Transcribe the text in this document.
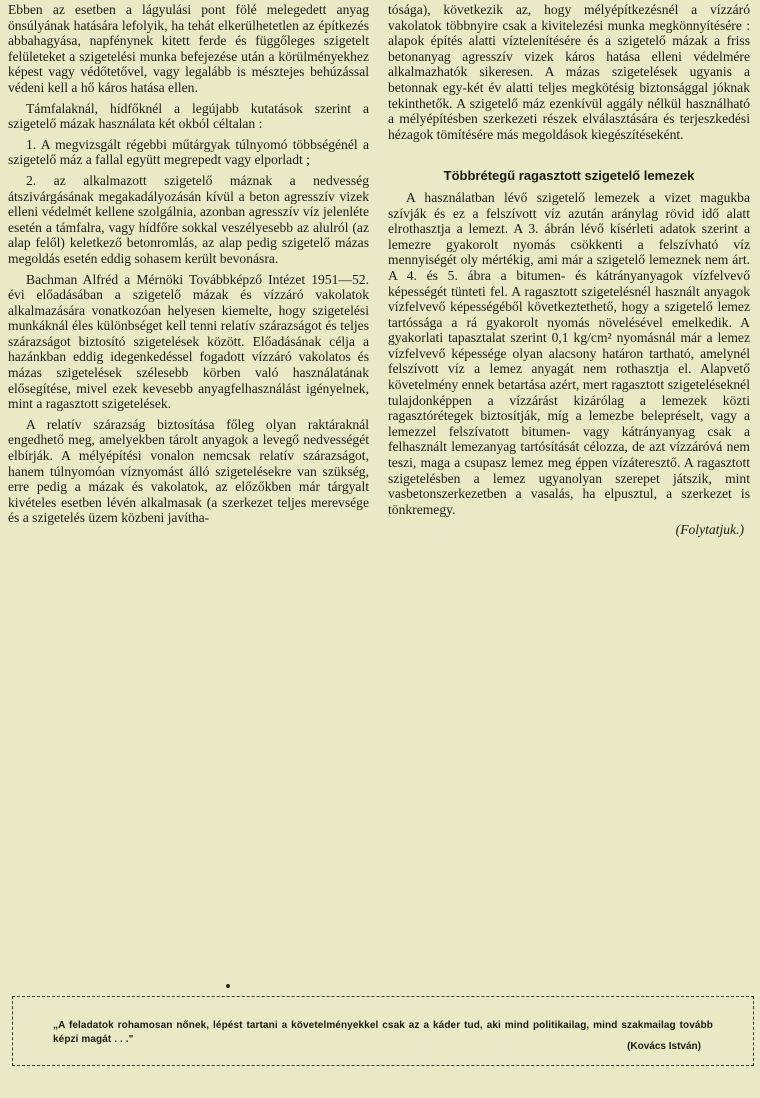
Ebben az esetben a lágyulási pont fölé melegedett anyag önsúlyának hatására lefolyik, ha tehát elkerülhetetlen az építkezés abbahagyása, napfénynek kitett ferde és függőleges szigetelt felületeket a szigetelési munka befejezése után a körülményekhez képest vagy védőtetővel, vagy legalább is mésztejes behúzással védeni kell a hő káros hatása ellen.

Támfalaknál, hídfőknél a legújabb kutatások szerint a szigetelő mázak használata két okból céltalan :

1. A megvizsgált régebbi műtárgyak túlnyomó többségénél a szigetelő máz a fallal együtt megrepedt vagy elporladt ;

2. az alkalmazott szigetelő máznak a nedvesség átszivárgásának megakadályozásán kívül a beton agresszív vizek elleni védelmét kellene szolgálnia, azonban agresszív víz jelenléte esetén a támfalra, vagy hídfőre sokkal veszélyesebb az alulról (az alap felől) keletkező betonromlás, az alap pedig szigetelő mázas megoldás esetén eddig sohasem került bevonásra.

Bachman Alfréd a Mérnöki Továbbképző Intézet 1951—52. évi előadásában a szigetelő mázak és vízzáró vakolatok alkalmazására vonatkozóan helyesen kiemelte, hogy szigetelési munkáknál éles különbséget kell tenni relatív szárazságot és teljes szárazságot biztosító szigetelések között. Előadásának célja a hazánkban eddig idegenkedéssel fogadott vízzáró vakolatos és mázas szigetelések szélesebb körben való használatának elősegítése, mivel ezek kevesebb anyagfelhasználást igényelnek, mint a ragasztott szigetelések.

A relatív szárazság biztosítása főleg olyan raktáraknál engedhető meg, amelyekben tárolt anyagok a levegő nedvességét elbírják. A mélyépítési vonalon nemcsak relatív szárazságot, hanem túlnyomóan víznyomást álló szigetelésekre van szükség, erre pedig a mázak és vakolatok, az előzőkben már tárgyalt kivételes esetben lévén alkalmasak (a szerkezet teljes merevsége és a szigetelés üzem közbeni javítha-

tósága), következik az, hogy mélyépítkezésnél a vízzáró vakolatok többnyire csak a kivitelezési munka megkönnyítésére : alapok építés alatti víztelenítésére és a szigetelő mázak a friss betonanyag agresszív vizek káros hatása elleni védelmére alkalmazhatók sikeresen. A mázas szigetelések ugyanis a betonnak egy-két év alatti teljes megkötésig biztonsággal jóknak tekinthetők. A szigetelő máz ezenkívül aggály nélkül használható a mélyépítésben szerkezeti részek elválasztására és terjeszkedési hézagok tömítésére más megoldások kiegészítéseként.

Többrétegű ragasztott szigetelő lemezek

A használatban lévő szigetelő lemezek a vizet magukba szívják és ez a felszívott víz azután aránylag rövid idő alatt elrothasztja a lemezt. A 3. ábrán lévő kísérleti adatok szerint a lemezre gyakorolt nyomás csökkenti a felszívható víz mennyiségét oly mértékig, ami már a szigetelő lemeznek nem árt. A 4. és 5. ábra a bitumen- és kátrányanyagok vízfelvevő képességét tünteti fel. A ragasztott szigetelésnél használt anyagok vízfelvevő képességéből következtethető, hogy a szigetelő lemez tartóssága a rá gyakorolt nyomás növelésével emelkedik. A gyakorlati tapasztalat szerint 0,1 kg/cm² nyomásnál már a lemez vízfelvevő képessége olyan alacsony határon tartható, amelynél felszívott víz a lemez anyagát nem rothasztja el. Alapvető követelmény ennek betartása azért, mert ragasztott szigeteléseknél tulajdonképpen a vízzárást kizárólag a lemezek közti ragasztórétegek biztosítják, míg a lemezbe belepréselt, vagy a lemezzel felszívatott bitumen- vagy kátrányanyag csak a felhasznált lemezanyag tartósítását célozza, de azt vízzáróvá nem teszi, maga a csupasz lemez meg éppen vízáteresztő. A ragasztott szigetelésben a lemez ugyanolyan szerepet játszik, mint vasbetonszerkezetben a vasalás, ha elpusztul, a szerkezet is tönkremegy.

(Folytatjuk.)
„A feladatok rohamosan nőnek, lépést tartani a követelményekkel csak az a káder tud, aki mind politikailag, mind szakmailag tovább képzi magát . . ."
(Kovács István)
